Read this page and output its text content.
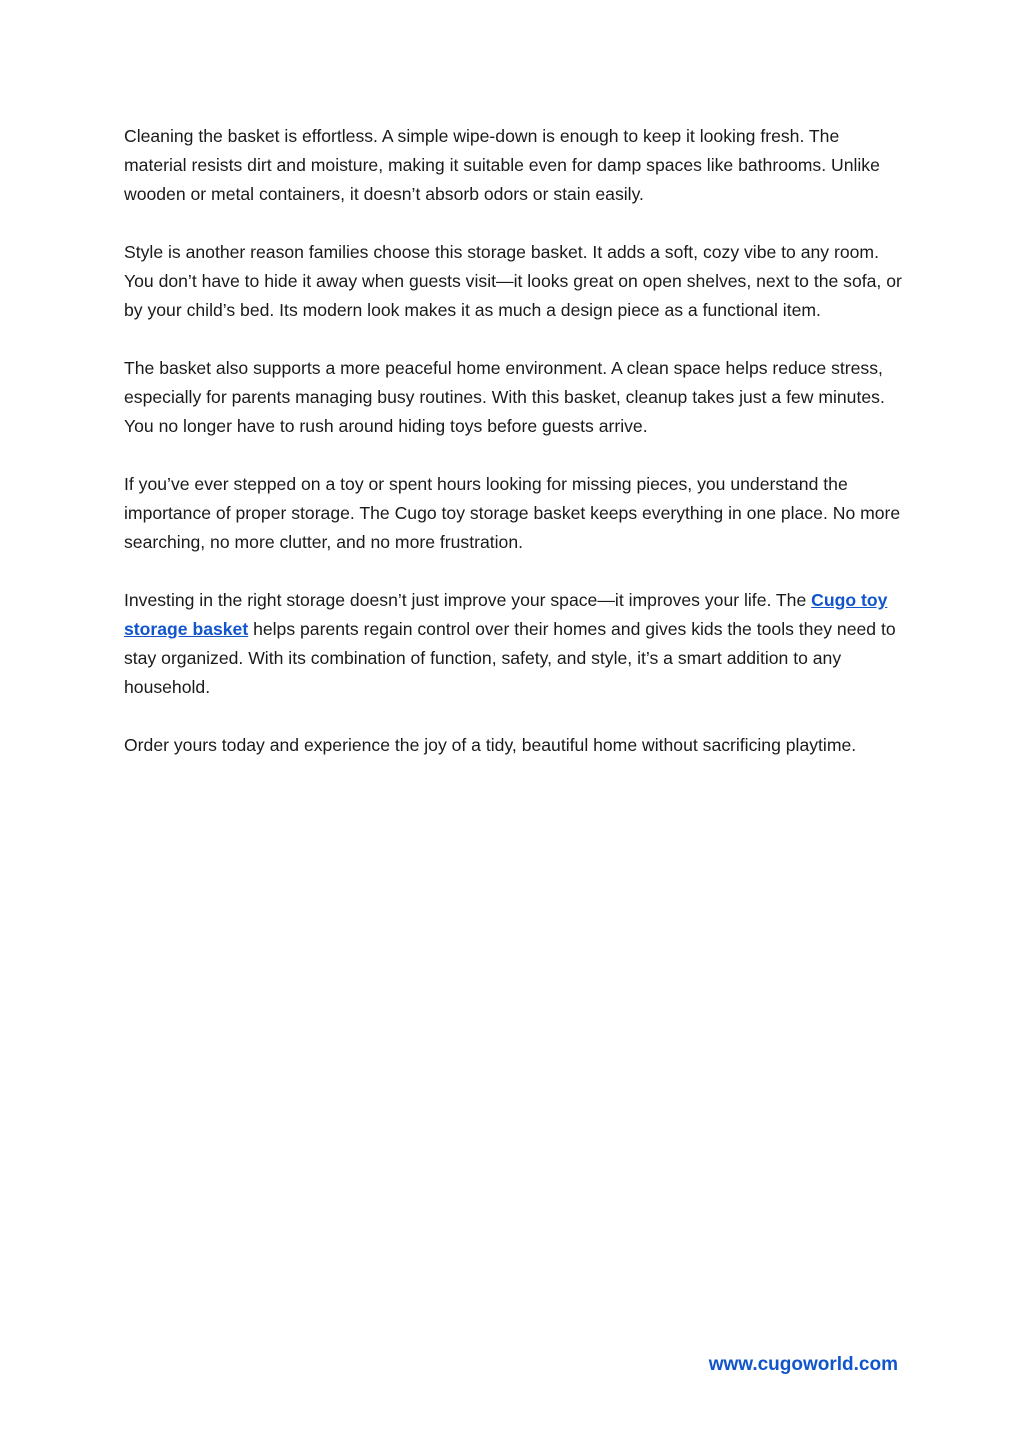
Cleaning the basket is effortless. A simple wipe-down is enough to keep it looking fresh. The material resists dirt and moisture, making it suitable even for damp spaces like bathrooms. Unlike wooden or metal containers, it doesn’t absorb odors or stain easily.

Style is another reason families choose this storage basket. It adds a soft, cozy vibe to any room. You don’t have to hide it away when guests visit—it looks great on open shelves, next to the sofa, or by your child’s bed. Its modern look makes it as much a design piece as a functional item.

The basket also supports a more peaceful home environment. A clean space helps reduce stress, especially for parents managing busy routines. With this basket, cleanup takes just a few minutes. You no longer have to rush around hiding toys before guests arrive.

If you’ve ever stepped on a toy or spent hours looking for missing pieces, you understand the importance of proper storage. The Cugo toy storage basket keeps everything in one place. No more searching, no more clutter, and no more frustration.

Investing in the right storage doesn’t just improve your space—it improves your life. The Cugo toy storage basket helps parents regain control over their homes and gives kids the tools they need to stay organized. With its combination of function, safety, and style, it’s a smart addition to any household.

Order yours today and experience the joy of a tidy, beautiful home without sacrificing playtime.

www.cugoworld.com
